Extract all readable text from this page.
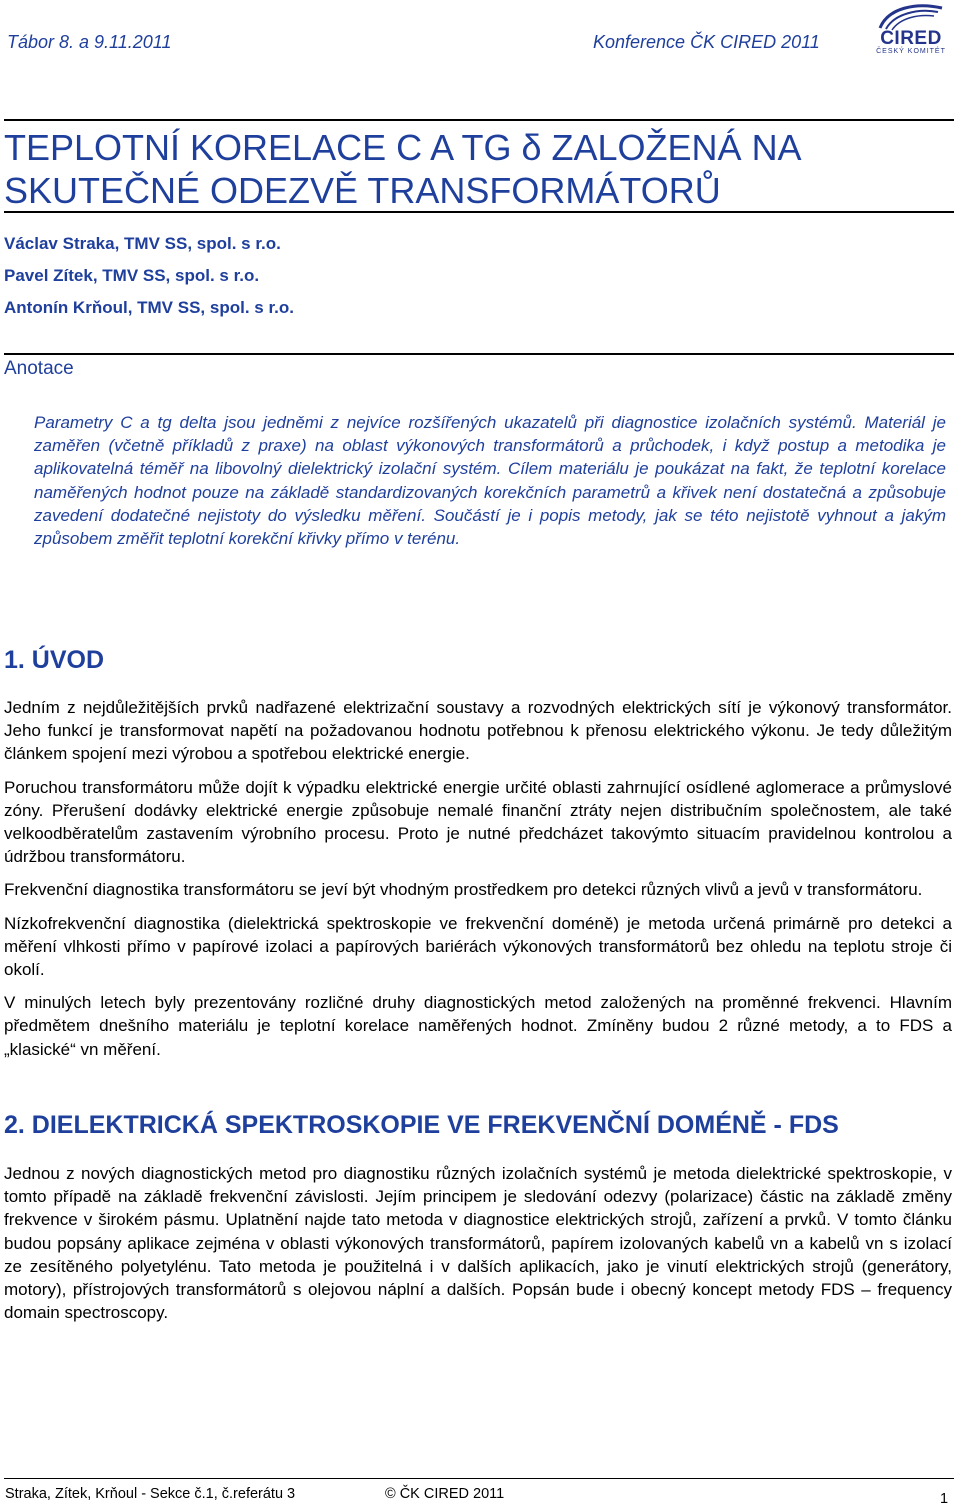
Tábor 8. a 9.11.2011	Konference ČK CIRED 2011	CIRED
ČESKÝ KOMITÉT
TEPLOTNÍ KORELACE C A TG δ ZALOŽENÁ NA SKUTEČNÉ ODEZVĚ TRANSFORMÁTORŮ
Václav Straka, TMV SS, spol. s r.o.
Pavel Zítek, TMV SS, spol. s r.o.
Antonín Krňoul, TMV SS, spol. s r.o.
Anotace

Parametry C a tg delta jsou jedněmi z nejvíce rozšířených ukazatelů při diagnostice izolačních systémů. Materiál je zaměřen (včetně příkladů z praxe) na oblast výkonových transformátorů a průchodek, i když postup a metodika je aplikovatelná téměř na libovolný dielektrický izolační systém. Cílem materiálu je poukázat na fakt, že teplotní korelace naměřených hodnot pouze na základě standardizovaných korekčních parametrů a křivek není dostatečná a způsobuje zavedení dodatečné nejistoty do výsledku měření. Součástí je i popis metody, jak se této nejistotě vyhnout a jakým způsobem změřit teplotní korekční křivky přímo v terénu.

1. ÚVOD

Jedním z nejdůležitějších prvků nadřazené elektrizační soustavy a rozvodných elektrických sítí je výkonový transformátor. Jeho funkcí je transformovat napětí na požadovanou hodnotu potřebnou k přenosu elektrického výkonu. Je tedy důležitým článkem spojení mezi výrobou a spotřebou elektrické energie.

Poruchou transformátoru může dojít k výpadku elektrické energie určité oblasti zahrnující osídlené aglomerace a průmyslové zóny. Přerušení dodávky elektrické energie způsobuje nemalé finanční ztráty nejen distribučním společnostem, ale také velkoodběratelům zastavením výrobního procesu. Proto je nutné předcházet takovýmto situacím pravidelnou kontrolou a údržbou transformátoru.

Frekvenční diagnostika transformátoru se jeví být vhodným prostředkem pro detekci různých vlivů a jevů v transformátoru.

Nízkofrekvenční diagnostika (dielektrická spektroskopie ve frekvenční doméně) je metoda určená primárně pro detekci a měření vlhkosti přímo v papírové izolaci a papírových bariérách výkonových transformátorů bez ohledu na teplotu stroje či okolí.

V minulých letech byly prezentovány rozličné druhy diagnostických metod založených na proměnné frekvenci. Hlavním předmětem dnešního materiálu je teplotní korelace naměřených hodnot. Zmíněny budou 2 různé metody, a to FDS a „klasické“ vn měření.

2. DIELEKTRICKÁ SPEKTROSKOPIE VE FREKVENČNÍ DOMÉNĚ - FDS

Jednou z nových diagnostických metod pro diagnostiku různých izolačních systémů je metoda dielektrické spektroskopie, v tomto případě na základě frekvenční závislosti. Jejím principem je sledování odezvy (polarizace) částic na základě změny frekvence v širokém pásmu. Uplatnění najde tato metoda v diagnostice elektrických strojů, zařízení a prvků. V tomto článku budou popsány aplikace zejména v oblasti výkonových transformátorů, papírem izolovaných kabelů vn a kabelů vn s izolací ze zesítěného polyetylénu. Tato metoda je použitelná i v dalších aplikacích, jako je vinutí elektrických strojů (generátory, motory), přístrojových transformátorů s olejovou náplní a dalších. Popsán bude i obecný koncept metody FDS – frequency domain spectroscopy.

Straka, Zítek, Krňoul - Sekce č.1, č.referátu 3	© ČK CIRED 2011	1
